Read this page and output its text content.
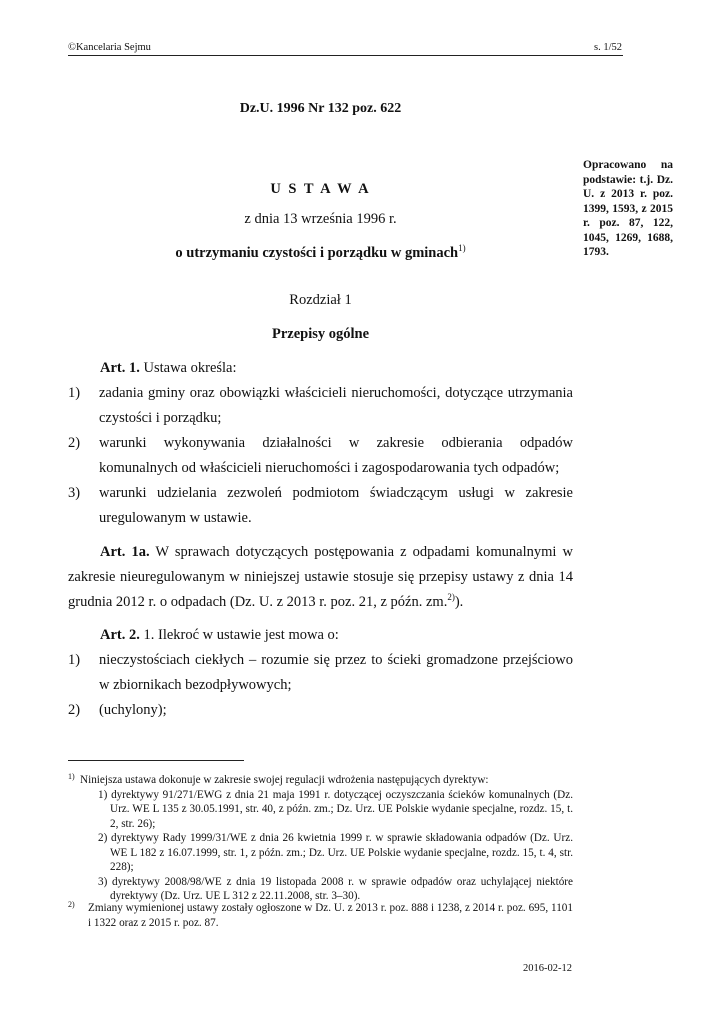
©Kancelaria Sejmu	s. 1/52
Dz.U. 1996 Nr 132 poz. 622
U S T A W A
z dnia 13 września 1996 r.
o utrzymaniu czystości i porządku w gminach$^{1)}$
Opracowano na podstawie: t.j. Dz. U. z 2013 r. poz. 1399, 1593, z 2015 r. poz. 87, 122, 1045, 1269, 1688, 1793.
Rozdział 1
Przepisy ogólne
Art. 1. Ustawa określa:
1) zadania gminy oraz obowiązki właścicieli nieruchomości, dotyczące utrzymania czystości i porządku;
2) warunki wykonywania działalności w zakresie odbierania odpadów komunalnych od właścicieli nieruchomości i zagospodarowania tych odpadów;
3) warunki udzielania zezwoleń podmiotom świadczącym usługi w zakresie uregulowanym w ustawie.
Art. 1a. W sprawach dotyczących postępowania z odpadami komunalnymi w zakresie nieuregulowanym w niniejszej ustawie stosuje się przepisy ustawy z dnia 14 grudnia 2012 r. o odpadach (Dz. U. z 2013 r. poz. 21, z późn. zm.$^{2)}$).
Art. 2. 1. Ilekroć w ustawie jest mowa o:
1) nieczystościach ciekłych – rozumie się przez to ścieki gromadzone przejściowo w zbiornikach bezodpływowych;
2) (uchylony);
1) Niniejsza ustawa dokonuje w zakresie swojej regulacji wdrożenia następujących dyrektyw:
1) dyrektywy 91/271/EWG z dnia 21 maja 1991 r. dotyczącej oczyszczania ścieków komunalnych (Dz. Urz. WE L 135 z 30.05.1991, str. 40, z późn. zm.; Dz. Urz. UE Polskie wydanie specjalne, rozdz. 15, t. 2, str. 26);
2) dyrektywy Rady 1999/31/WE z dnia 26 kwietnia 1999 r. w sprawie składowania odpadów (Dz. Urz. WE L 182 z 16.07.1999, str. 1, z późn. zm.; Dz. Urz. UE Polskie wydanie specjalne, rozdz. 15, t. 4, str. 228);
3) dyrektywy 2008/98/WE z dnia 19 listopada 2008 r. w sprawie odpadów oraz uchylającej niektóre dyrektywy (Dz. Urz. UE L 312 z 22.11.2008, str. 3–30).
2) Zmiany wymienionej ustawy zostały ogłoszone w Dz. U. z 2013 r. poz. 888 i 1238, z 2014 r. poz. 695, 1101 i 1322 oraz z 2015 r. poz. 87.
2016-02-12
